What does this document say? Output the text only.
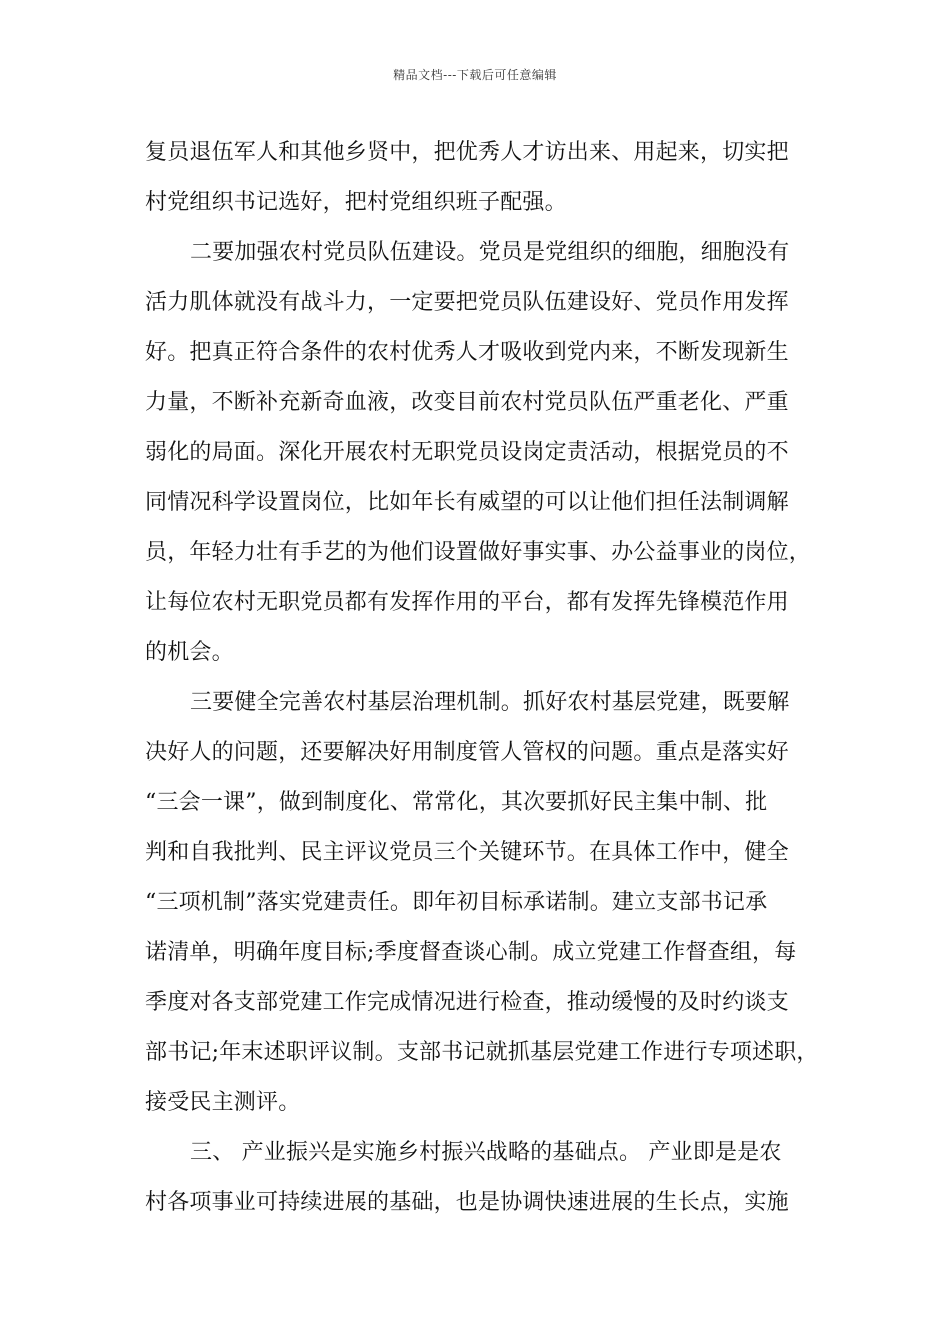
精品文档---下载后可任意编辑
复员退伍军人和其他乡贤中，把优秀人才访出来、用起来，切实把
村党组织书记选好，把村党组织班子配强。
二要加强农村党员队伍建设。党员是党组织的细胞，细胞没有
活力肌体就没有战斗力，一定要把党员队伍建设好、党员作用发挥
好。把真正符合条件的农村优秀人才吸收到党内来，不断发现新生
力量，不断补充新奇血液，改变目前农村党员队伍严重老化、严重
弱化的局面。深化开展农村无职党员设岗定责活动，根据党员的不
同情况科学设置岗位，比如年长有威望的可以让他们担任法制调解
员，年轻力壮有手艺的为他们设置做好事实事、办公益事业的岗位，
让每位农村无职党员都有发挥作用的平台，都有发挥先锋模范作用
的机会。
三要健全完善农村基层治理机制。抓好农村基层党建，既要解
决好人的问题，还要解决好用制度管人管权的问题。重点是落实好
“三会一课”，做到制度化、常常化，其次要抓好民主集中制、批
判和自我批判、民主评议党员三个关键环节。在具体工作中，健全
“三项机制”落实党建责任。即年初目标承诺制。建立支部书记承
诺清单，明确年度目标;季度督查谈心制。成立党建工作督查组，每
季度对各支部党建工作完成情况进行检查，推动缓慢的及时约谈支
部书记;年末述职评议制。支部书记就抓基层党建工作进行专项述职，
接受民主测评。
三、 产业振兴是实施乡村振兴战略的基础点。 产业即是是农
村各项事业可持续进展的基础，也是协调快速进展的生长点，实施
